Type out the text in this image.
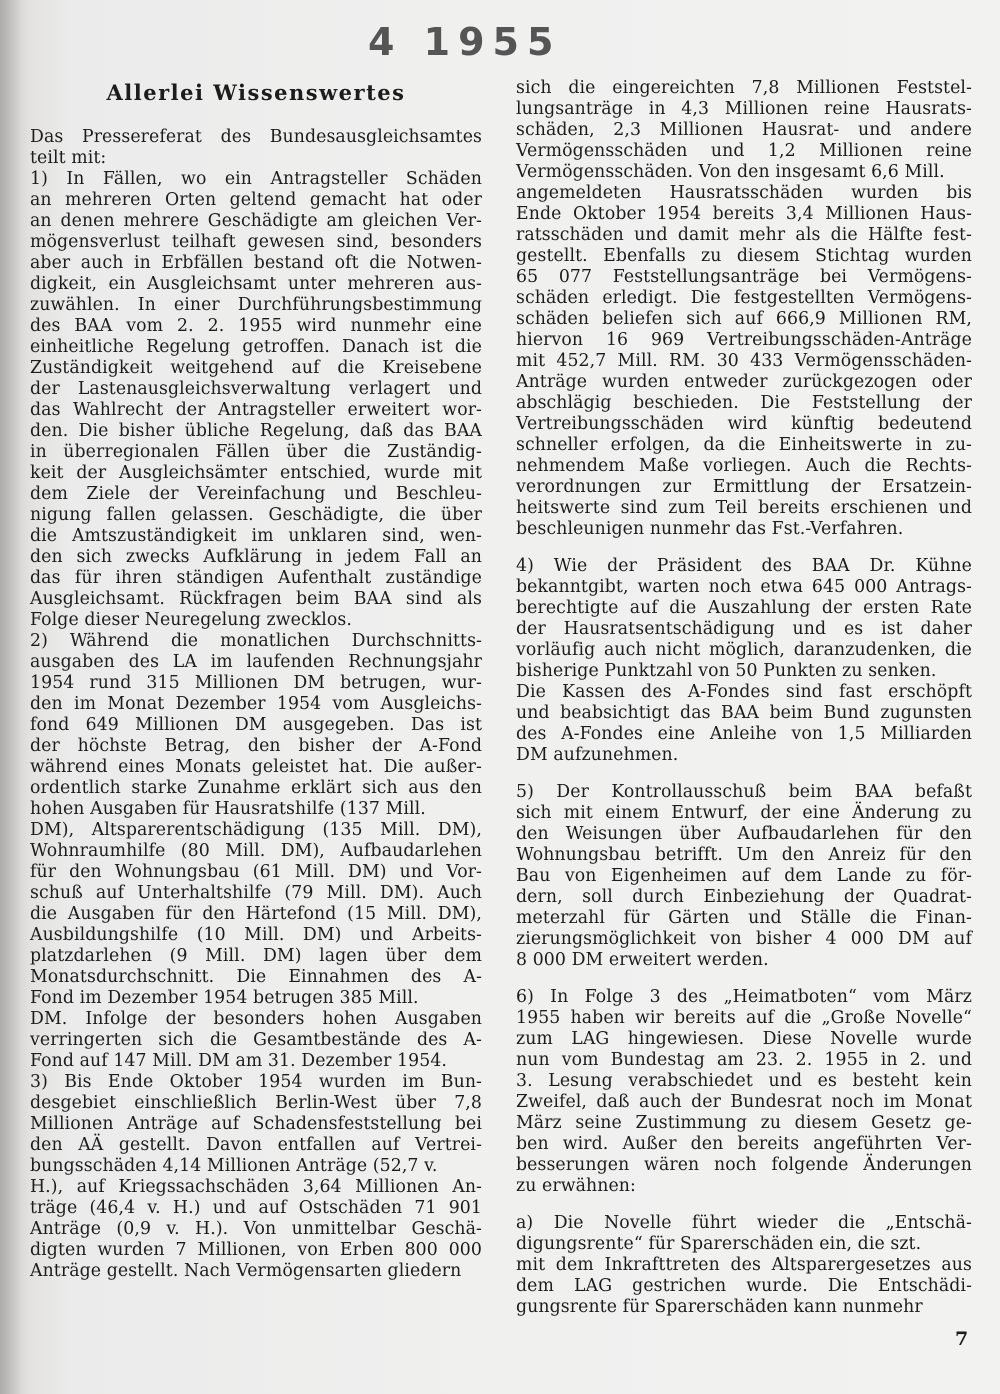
4 1955
Allerlei Wissenswertes
Das Pressereferat des Bundesausgleichsamtes
teilt mit:
1) In Fällen, wo ein Antragsteller Schäden
an mehreren Orten geltend gemacht hat oder
an denen mehrere Geschädigte am gleichen Ver-
mögensverlust teilhaft gewesen sind, besonders
aber auch in Erbfällen bestand oft die Notwen-
digkeit, ein Ausgleichsamt unter mehreren aus-
zuwählen. In einer Durchführungsbestimmung
des BAA vom 2. 2. 1955 wird nunmehr eine
einheitliche Regelung getroffen. Danach ist die
Zuständigkeit weitgehend auf die Kreisebene
der Lastenausgleichsverwaltung verlagert und
das Wahlrecht der Antragsteller erweitert wor-
den. Die bisher übliche Regelung, daß das BAA
in überregionalen Fällen über die Zuständig-
keit der Ausgleichsämter entschied, wurde mit
dem Ziele der Vereinfachung und Beschleu-
nigung fallen gelassen. Geschädigte, die über
die Amtszuständigkeit im unklaren sind, wen-
den sich zwecks Aufklärung in jedem Fall an
das für ihren ständigen Aufenthalt zuständige
Ausgleichsamt. Rückfragen beim BAA sind als
Folge dieser Neuregelung zwecklos.
2) Während die monatlichen Durchschnitts-
ausgaben des LA im laufenden Rechnungsjahr
1954 rund 315 Millionen DM betrugen, wur-
den im Monat Dezember 1954 vom Ausgleichs-
fond 649 Millionen DM ausgegeben. Das ist
der höchste Betrag, den bisher der A-Fond
während eines Monats geleistet hat. Die außer-
ordentlich starke Zunahme erklärt sich aus den
hohen Ausgaben für Hausratshilfe (137 Mill.
DM), Altsparerentschädigung (135 Mill. DM),
Wohnraumhilfe (80 Mill. DM), Aufbaudarlehen
für den Wohnungsbau (61 Mill. DM) und Vor-
schuß auf Unterhaltshilfe (79 Mill. DM). Auch
die Ausgaben für den Härtefond (15 Mill. DM),
Ausbildungshilfe (10 Mill. DM) und Arbeits-
platzdarlehen (9 Mill. DM) lagen über dem
Monatsdurchschnitt. Die Einnahmen des A-
Fond im Dezember 1954 betrugen 385 Mill.
DM. Infolge der besonders hohen Ausgaben
verringerten sich die Gesamtbestände des A-
Fond auf 147 Mill. DM am 31. Dezember 1954.
3) Bis Ende Oktober 1954 wurden im Bun-
desgebiet einschließlich Berlin-West über 7,8
Millionen Anträge auf Schadensfeststellung bei
den AÄ gestellt. Davon entfallen auf Vertrei-
bungsschäden 4,14 Millionen Anträge (52,7 v.
H.), auf Kriegssachschäden 3,64 Millionen An-
träge (46,4 v. H.) und auf Ostschäden 71 901
Anträge (0,9 v. H.). Von unmittelbar Geschä-
digten wurden 7 Millionen, von Erben 800 000
Anträge gestellt. Nach Vermögensarten gliedern
sich die eingereichten 7,8 Millionen Feststel-
lungsanträge in 4,3 Millionen reine Hausrats-
schäden, 2,3 Millionen Hausrat- und andere
Vermögensschäden und 1,2 Millionen reine
Vermögensschäden. Von den insgesamt 6,6 Mill.
angemeldeten Hausratsschäden wurden bis
Ende Oktober 1954 bereits 3,4 Millionen Haus-
ratsschäden und damit mehr als die Hälfte fest-
gestellt. Ebenfalls zu diesem Stichtag wurden
65 077 Feststellungsanträge bei Vermögens-
schäden erledigt. Die festgestellten Vermögens-
schäden beliefen sich auf 666,9 Millionen RM,
hiervon 16 969 Vertreibungsschäden-Anträge
mit 452,7 Mill. RM. 30 433 Vermögensschäden-
Anträge wurden entweder zurückgezogen oder
abschlägig beschieden. Die Feststellung der
Vertreibungsschäden wird künftig bedeutend
schneller erfolgen, da die Einheitswerte in zu-
nehmendem Maße vorliegen. Auch die Rechts-
verordnungen zur Ermittlung der Ersatzein-
heitswerte sind zum Teil bereits erschienen und
beschleunigen nunmehr das Fst.-Verfahren.
4) Wie der Präsident des BAA Dr. Kühne
bekanntgibt, warten noch etwa 645 000 Antrags-
berechtigte auf die Auszahlung der ersten Rate
der Hausratsentschädigung und es ist daher
vorläufig auch nicht möglich, daranzudenken, die
bisherige Punktzahl von 50 Punkten zu senken.
Die Kassen des A-Fondes sind fast erschöpft
und beabsichtigt das BAA beim Bund zugunsten
des A-Fondes eine Anleihe von 1,5 Milliarden
DM aufzunehmen.
5) Der Kontrollausschuß beim BAA befaßt
sich mit einem Entwurf, der eine Änderung zu
den Weisungen über Aufbaudarlehen für den
Wohnungsbau betrifft. Um den Anreiz für den
Bau von Eigenheimen auf dem Lande zu för-
dern, soll durch Einbeziehung der Quadrat-
meterzahl für Gärten und Ställe die Finan-
zierungsmöglichkeit von bisher 4 000 DM auf
8 000 DM erweitert werden.
6) In Folge 3 des „Heimatboten“ vom März
1955 haben wir bereits auf die „Große Novelle“
zum LAG hingewiesen. Diese Novelle wurde
nun vom Bundestag am 23. 2. 1955 in 2. und
3. Lesung verabschiedet und es besteht kein
Zweifel, daß auch der Bundesrat noch im Monat
März seine Zustimmung zu diesem Gesetz ge-
ben wird. Außer den bereits angeführten Ver-
besserungen wären noch folgende Änderungen
zu erwähnen:
a) Die Novelle führt wieder die „Entschä-
digungsrente“ für Sparerschäden ein, die szt.
mit dem Inkrafttreten des Altsparergesetzes aus
dem LAG gestrichen wurde. Die Entschädi-
gungsrente für Sparerschäden kann nunmehr
7
